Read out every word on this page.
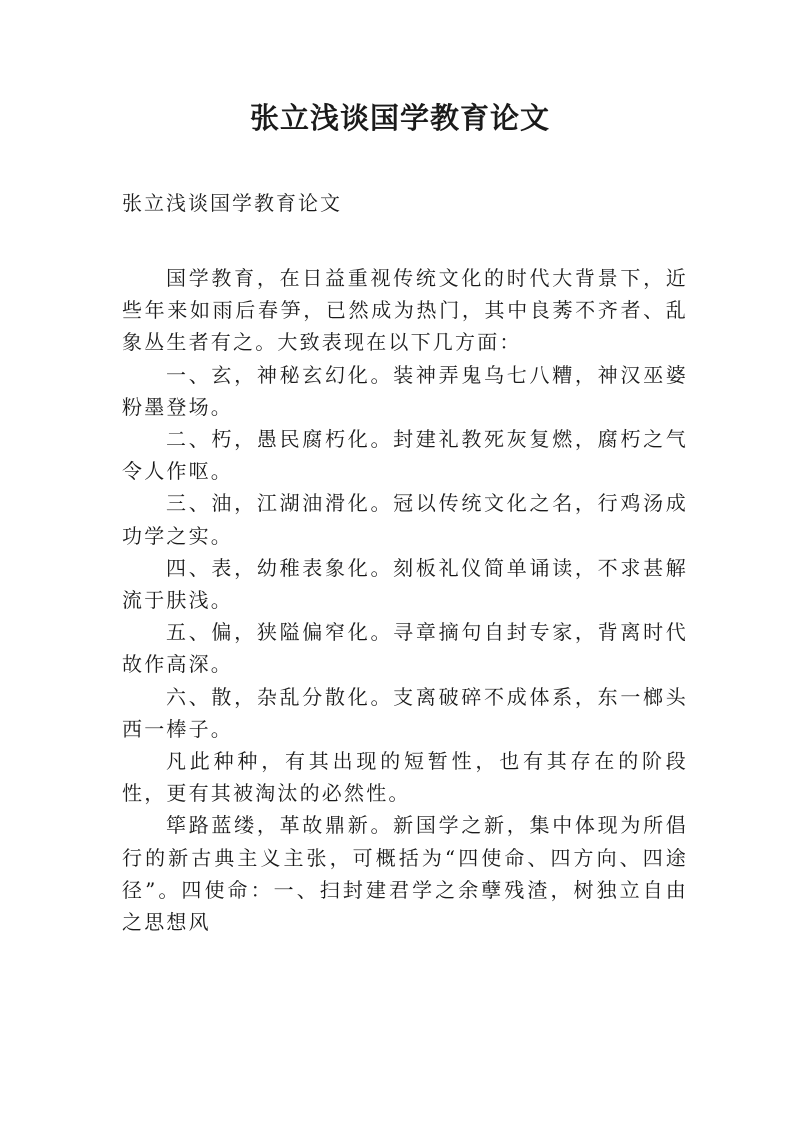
张立浅谈国学教育论文

张立浅谈国学教育论文

国学教育，在日益重视传统文化的时代大背景下，近些年来如雨后春笋，已然成为热门，其中良莠不齐者、乱象丛生者有之。大致表现在以下几方面：

一、玄，神秘玄幻化。装神弄鬼乌七八糟，神汉巫婆粉墨登场。

二、朽，愚民腐朽化。封建礼教死灰复燃，腐朽之气令人作呕。

三、油，江湖油滑化。冠以传统文化之名，行鸡汤成功学之实。

四、表，幼稚表象化。刻板礼仪简单诵读，不求甚解流于肤浅。

五、偏，狭隘偏窄化。寻章摘句自封专家，背离时代故作高深。

六、散，杂乱分散化。支离破碎不成体系，东一榔头西一棒子。

凡此种种，有其出现的短暂性，也有其存在的阶段性，更有其被淘汰的必然性。

筚路蓝缕，革故鼎新。新国学之新，集中体现为所倡行的新古典主义主张，可概括为“四使命、四方向、四途径”。四使命：一、扫封建君学之余孽残渣，树独立自由之思想风
